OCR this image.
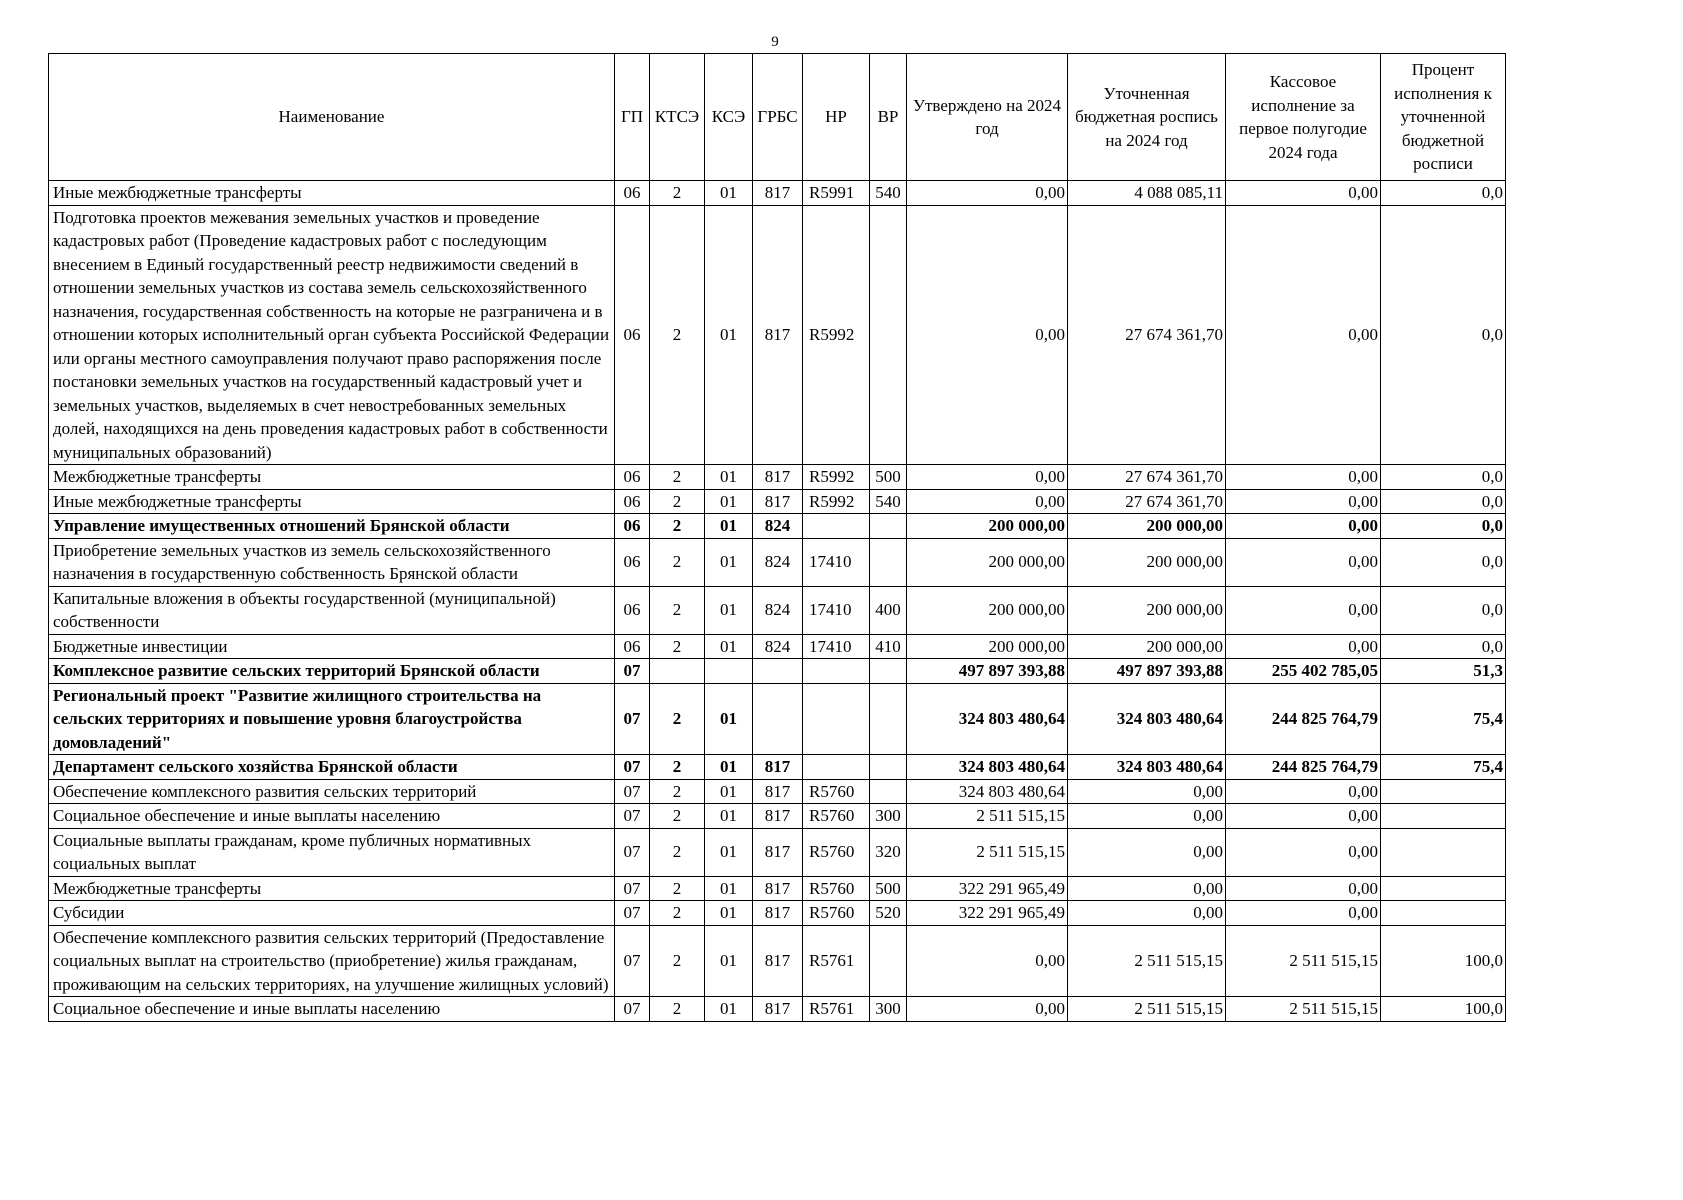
9
Наименование	ГП	КТСЭ	КСЭ	ГРБС	НР	ВР	Утверждено на 2024 год	Уточненная бюджетная роспись на 2024 год	Кассовое исполнение за первое полугодие 2024 года	Процент исполнения к уточненной бюджетной росписи
Иные межбюджетные трансферты	06	2	01	817	R5991	540	0,00	4 088 085,11	0,00	0,0
Подготовка проектов межевания земельных участков и проведение кадастровых работ (Проведение кадастровых работ с последующим внесением в Единый государственный реестр недвижимости сведений в отношении земельных участков из состава земель сельскохозяйственного назначения, государственная собственность на которые не разграничена и в отношении которых исполнительный орган субъекта Российской Федерации или органы местного самоуправления получают право распоряжения после постановки земельных участков на государственный кадастровый учет и земельных участков, выделяемых в счет невостребованных земельных долей, находящихся на день проведения кадастровых работ в собственности муниципальных образований)	06	2	01	817	R5992		0,00	27 674 361,70	0,00	0,0
Межбюджетные трансферты	06	2	01	817	R5992	500	0,00	27 674 361,70	0,00	0,0
Иные межбюджетные трансферты	06	2	01	817	R5992	540	0,00	27 674 361,70	0,00	0,0
Управление имущественных отношений Брянской области	06	2	01	824			200 000,00	200 000,00	0,00	0,0
Приобретение земельных участков из земель сельскохозяйственного назначения в государственную собственность Брянской области	06	2	01	824	17410		200 000,00	200 000,00	0,00	0,0
Капитальные вложения в объекты государственной (муниципальной) собственности	06	2	01	824	17410	400	200 000,00	200 000,00	0,00	0,0
Бюджетные инвестиции	06	2	01	824	17410	410	200 000,00	200 000,00	0,00	0,0
Комплексное развитие сельских территорий Брянской области	07						497 897 393,88	497 897 393,88	255 402 785,05	51,3
Региональный проект "Развитие жилищного строительства на сельских территориях и повышение уровня благоустройства домовладений"	07	2	01				324 803 480,64	324 803 480,64	244 825 764,79	75,4
Департамент сельского хозяйства Брянской области	07	2	01	817			324 803 480,64	324 803 480,64	244 825 764,79	75,4
Обеспечение комплексного развития сельских территорий	07	2	01	817	R5760		324 803 480,64	0,00	0,00	
Социальное обеспечение и иные выплаты населению	07	2	01	817	R5760	300	2 511 515,15	0,00	0,00	
Социальные выплаты гражданам, кроме публичных нормативных социальных выплат	07	2	01	817	R5760	320	2 511 515,15	0,00	0,00	
Межбюджетные трансферты	07	2	01	817	R5760	500	322 291 965,49	0,00	0,00	
Субсидии	07	2	01	817	R5760	520	322 291 965,49	0,00	0,00	
Обеспечение комплексного развития сельских территорий (Предоставление социальных выплат на строительство (приобретение) жилья гражданам, проживающим на сельских территориях, на улучшение жилищных условий)	07	2	01	817	R5761		0,00	2 511 515,15	2 511 515,15	100,0
Социальное обеспечение и иные выплаты населению	07	2	01	817	R5761	300	0,00	2 511 515,15	2 511 515,15	100,0
